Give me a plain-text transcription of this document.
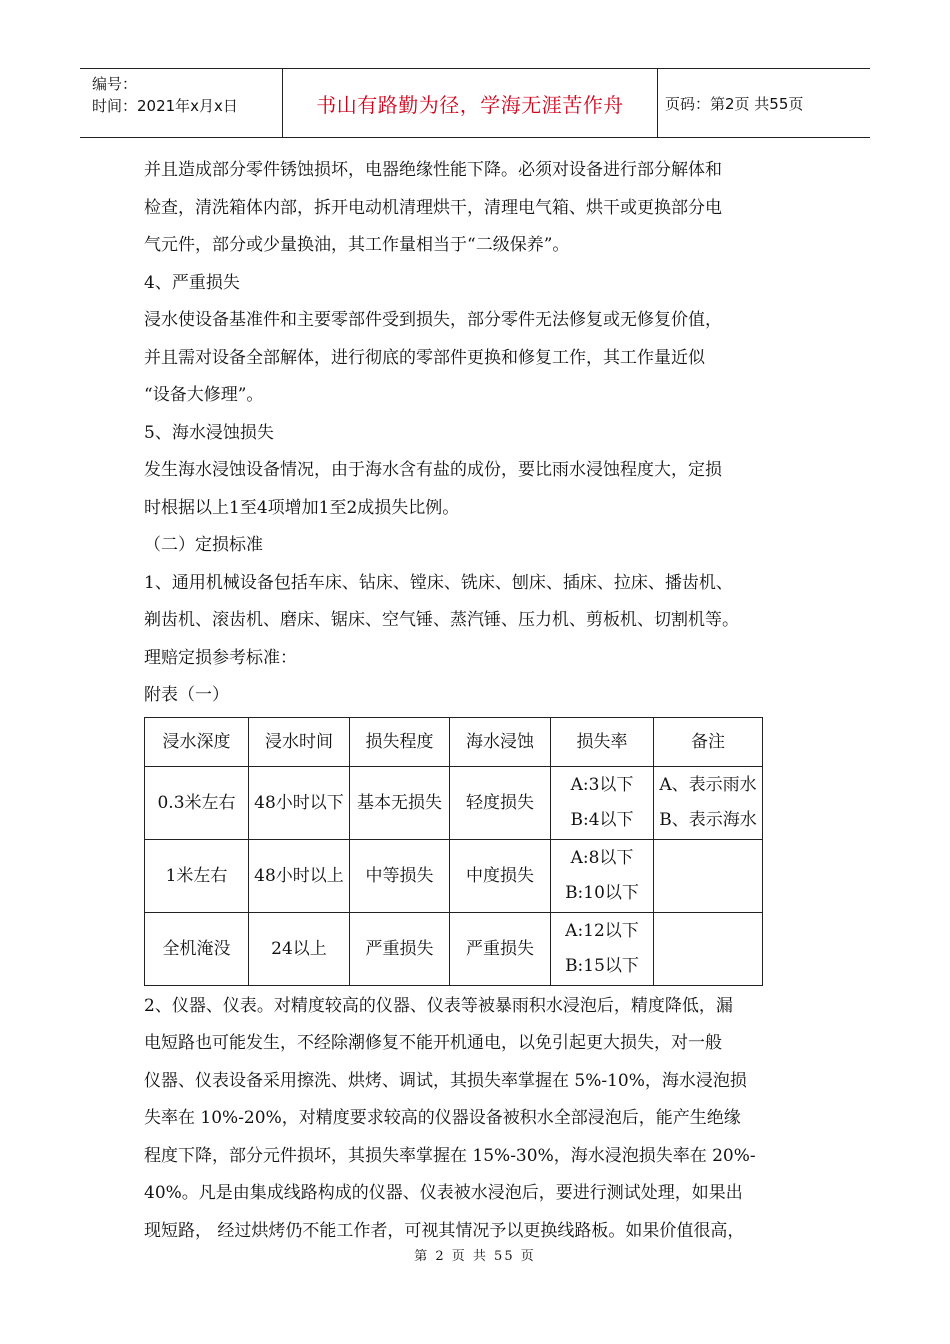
编号：
时间：2021年x月x日	书山有路勤为径，学海无涯苦作舟	页码：第2页 共55页

并且造成部分零件锈蚀损坏，电器绝缘性能下降。必须对设备进行部分解体和

检查，清洗箱体内部，拆开电动机清理烘干，清理电气箱、烘干或更换部分电

气元件，部分或少量换油，其工作量相当于“二级保养”。

4、严重损失

浸水使设备基准件和主要零部件受到损失，部分零件无法修复或无修复价值，

并且需对设备全部解体，进行彻底的零部件更换和修复工作，其工作量近似

“设备大修理”。

5、海水浸蚀损失

发生海水浸蚀设备情况，由于海水含有盐的成份，要比雨水浸蚀程度大，定损

时根据以上1至4项增加1至2成损失比例。

（二）定损标准

1、通用机械设备包括车床、钻床、镗床、铣床、刨床、插床、拉床、播齿机、

剃齿机、滚齿机、磨床、锯床、空气锤、蒸汽锤、压力机、剪板机、切割机等。

理赔定损参考标准：

附表（一）

浸水深度	浸水时间	损失程度	海水浸蚀	损失率	备注
0.3米左右	48小时以下	基本无损失	轻度损失	A:3以下
B:4以下	A、表示雨水
B、表示海水

1米左右	48小时以上	中等损失	中度损失	A:8以下
B:10以下	

全机淹没	24以上	严重损失	严重损失	A:12以下
B:15以下	

2、仪器、仪表。对精度较高的仪器、仪表等被暴雨积水浸泡后，精度降低，漏

电短路也可能发生，不经除潮修复不能开机通电，以免引起更大损失，对一般

仪器、仪表设备采用擦洗、烘烤、调试，其损失率掌握在 5%-10%，海水浸泡损

失率在 10%-20%，对精度要求较高的仪器设备被积水全部浸泡后，能产生绝缘

程度下降，部分元件损坏，其损失率掌握在 15%-30%，海水浸泡损失率在 20%-

40%。凡是由集成线路构成的仪器、仪表被水浸泡后，要进行测试处理，如果出

现短路， 经过烘烤仍不能工作者，可视其情况予以更换线路板。如果价值很高，

第 2 页 共 55 页
